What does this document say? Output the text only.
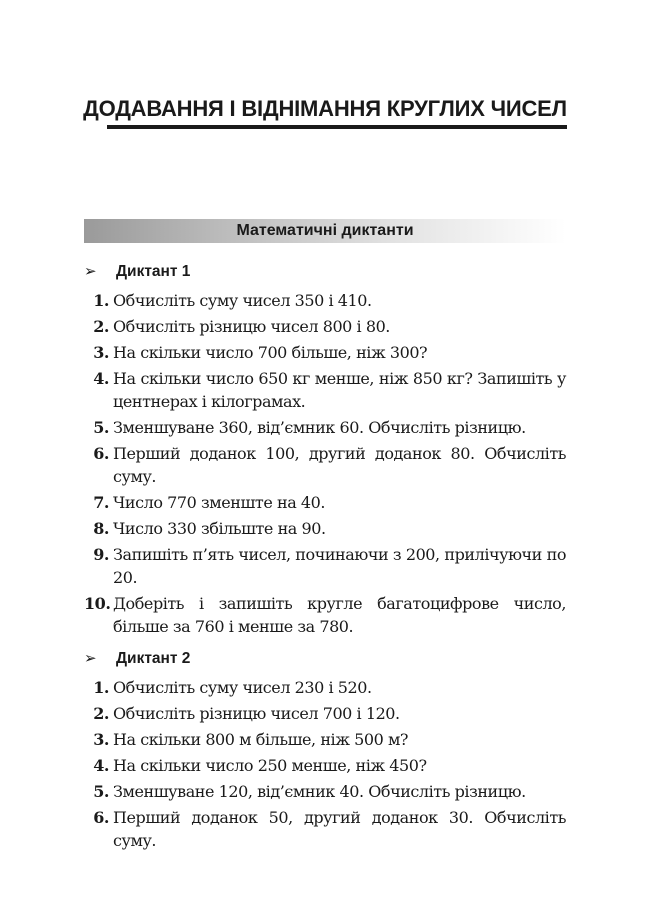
ДОДАВАННЯ І ВІДНІМАННЯ КРУГЛИХ ЧИСЕЛ
Математичні диктанти
➢ Диктант 1
1. Обчисліть суму чисел 350 і 410.
2. Обчисліть різницю чисел 800 і 80.
3. На скільки число 700 більше, ніж 300?
4. На скільки число 650 кг менше, ніж 850 кг? Запишіть у центнерах і кілограмах.
5. Зменшуване 360, від’ємник 60. Обчисліть різницю.
6. Перший доданок 100, другий доданок 80. Обчисліть суму.
7. Число 770 зменште на 40.
8. Число 330 збільште на 90.
9. Запишіть п’ять чисел, починаючи з 200, прилічуючи по 20.
10. Доберіть і запишіть кругле багатоцифрове число, більше за 760 і менше за 780.
➢ Диктант 2
1. Обчисліть суму чисел 230 і 520.
2. Обчисліть різницю чисел 700 і 120.
3. На скільки 800 м більше, ніж 500 м?
4. На скільки число 250 менше, ніж 450?
5. Зменшуване 120, від’ємник 40. Обчисліть різницю.
6. Перший доданок 50, другий доданок 30. Обчисліть суму.
